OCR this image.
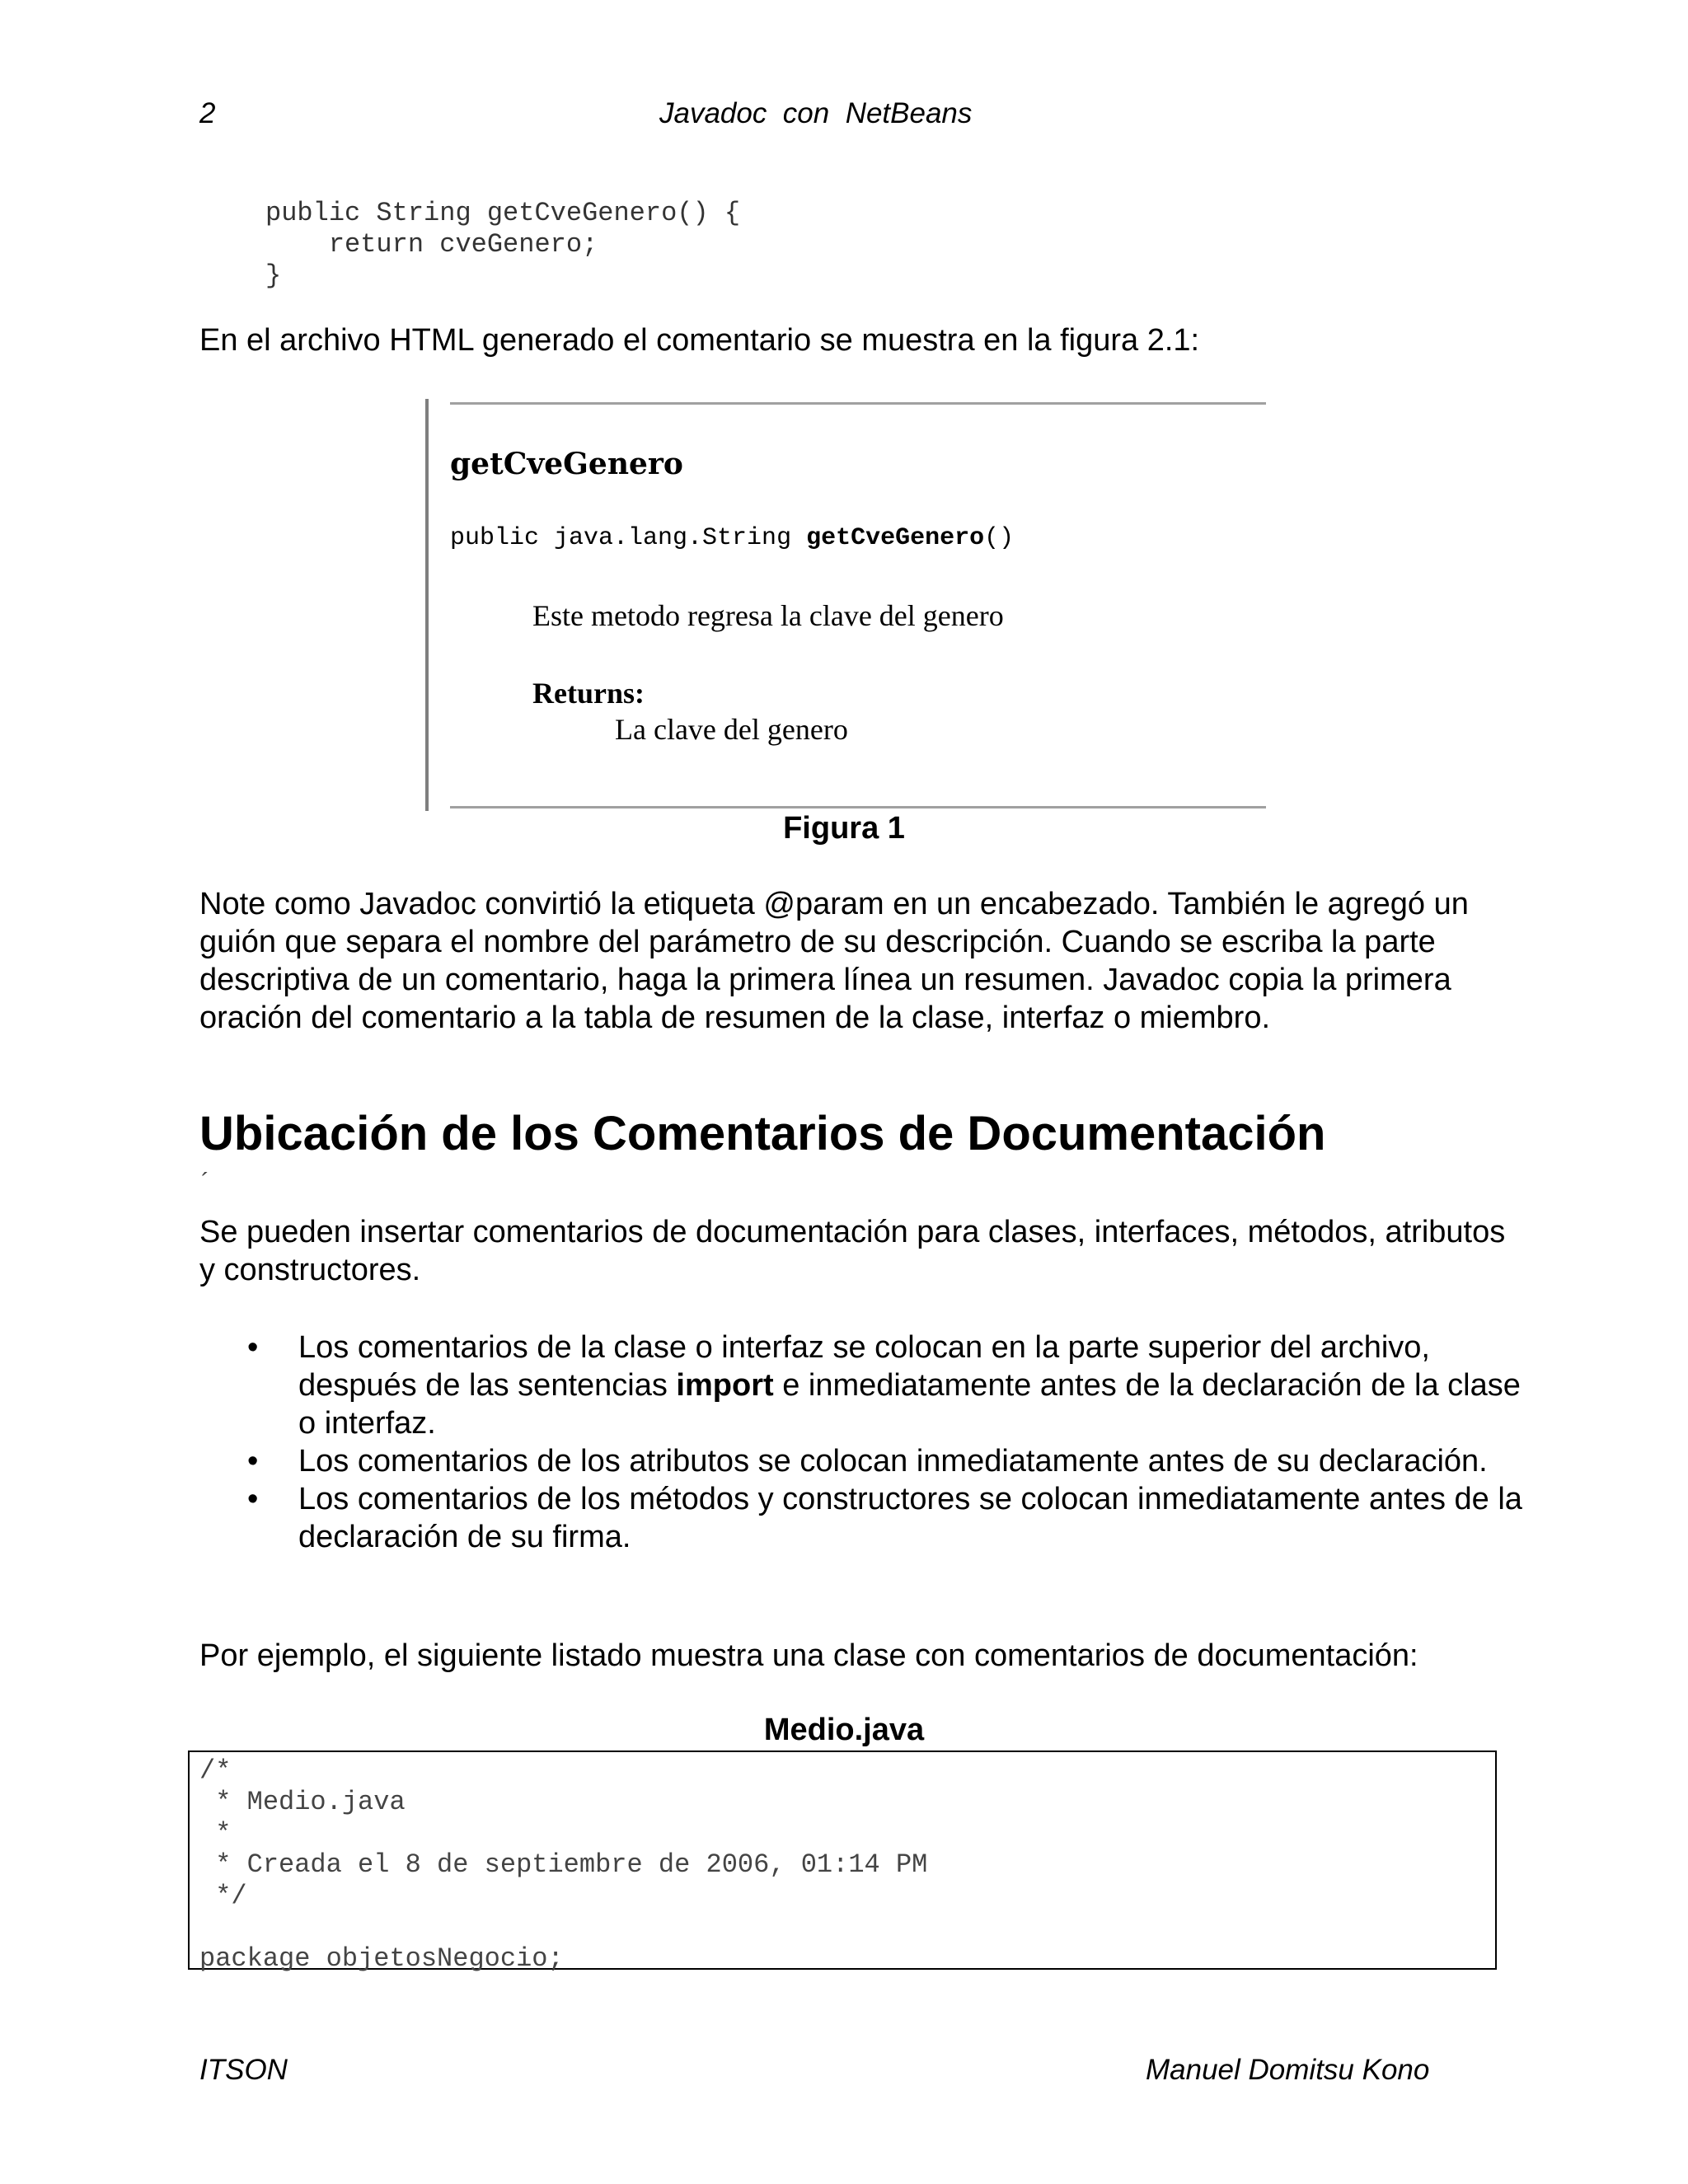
2	Javadoc  con  NetBeans
public String getCveGenero() {
return cveGenero;
}
En el archivo HTML generado el comentario se muestra en la figura 2.1:
getCveGenero
public java.lang.String getCveGenero()
Este metodo regresa la clave del genero
Returns:
La clave del genero
Figura 1
Note como Javadoc convirtió la etiqueta @param en un encabezado. También le agregó un guión que separa el nombre del parámetro de su descripción. Cuando se escriba la parte descriptiva de un comentario, haga la primera línea un resumen. Javadoc copia la primera oración del comentario a la tabla de resumen de la clase, interfaz o miembro.
Ubicación de los Comentarios de Documentación
´
Se pueden insertar comentarios de documentación para clases, interfaces, métodos, atributos y constructores.
• Los comentarios de la clase o interfaz se colocan en la parte superior del archivo, después de las sentencias import e inmediatamente antes de la declaración de la clase o interfaz.
• Los comentarios de los atributos se colocan inmediatamente antes de su declaración.
• Los comentarios de los métodos y constructores se colocan inmediatamente antes de la declaración de su firma.
Por ejemplo, el siguiente listado muestra una clase con comentarios de documentación:
Medio.java
/*
* Medio.java
*
* Creada el 8 de septiembre de 2006, 01:14 PM
*/

package objetosNegocio;
ITSON	Manuel Domitsu Kono
